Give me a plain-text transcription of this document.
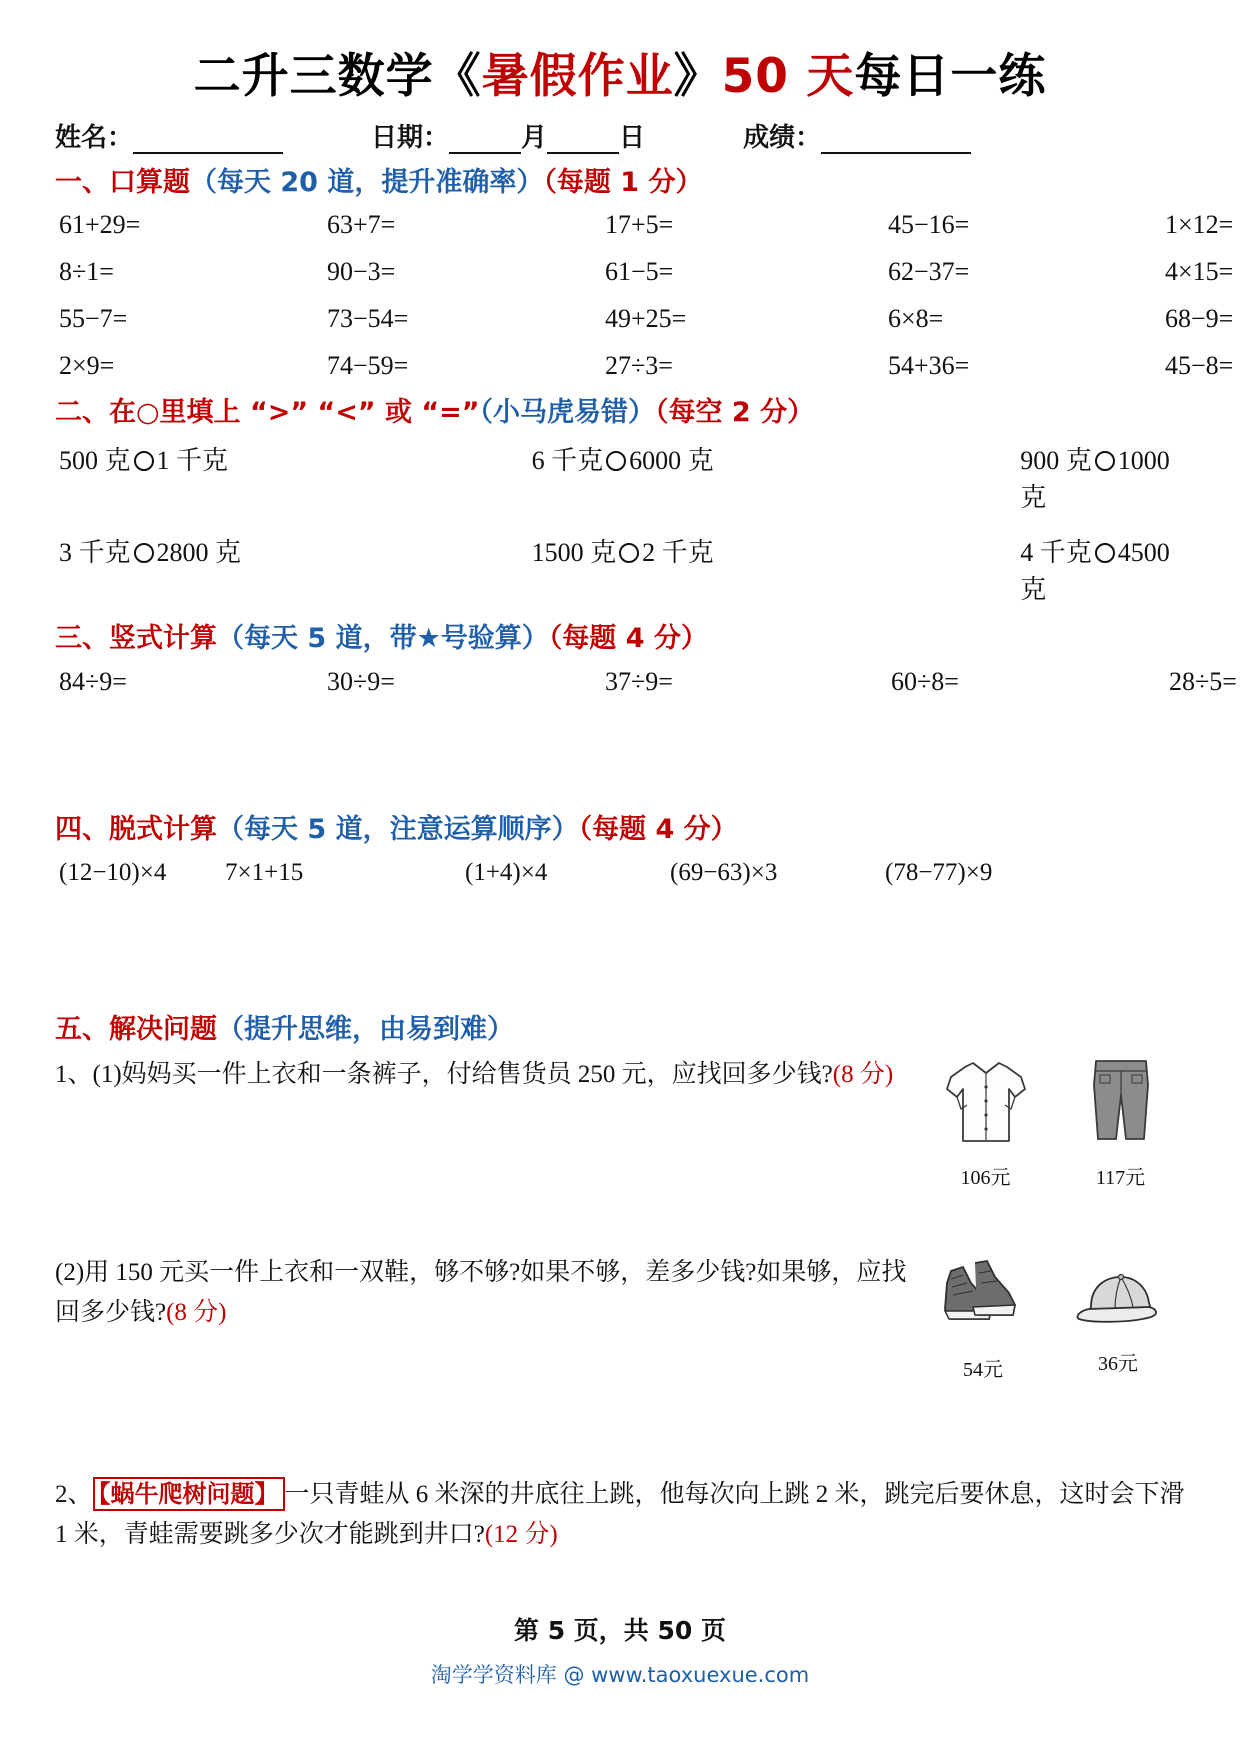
二升三数学《暑假作业》50 天每日一练
姓名：	日期：	月	日	成绩：
一、口算题（每天 20 道，提升准确率）（每题 1 分）
61+29=	63+7=	17+5=	45−16=	1×12=
8÷1=	90−3=	61−5=	62−37=	4×15=
55−7=	73−54=	49+25=	6×8=	68−9=
2×9=	74−59=	27÷3=	54+36=	45−8=
二、在○里填上 “>” “<” 或 “=”（小马虎易错）（每空 2 分）
500 克 1 千克	6 千克 6000 克	900 克 1000 克
3 千克 2800 克	1500 克 2 千克	4 千克 4500 克
三、竖式计算（每天 5 道，带★号验算）（每题 4 分）
84÷9=	30÷9=	37÷9=	60÷8=	28÷5=
四、脱式计算（每天 5 道，注意运算顺序）（每题 4 分）
(12−10)×4	7×1+15	(1+4)×4	(69−63)×3	(78−77)×9
五、解决问题（提升思维，由易到难）
1、(1)妈妈买一件上衣和一条裤子，付给售货员 250 元，应找回多少钱?(8 分)
106元	117元
(2)用 150 元买一件上衣和一双鞋，够不够?如果不够，差多少钱?如果够，应找回多少钱?(8 分)
54元	36元
2、 【蜗牛爬树问题】 一只青蛙从 6 米深的井底往上跳，他每次向上跳 2 米，跳完后要休息，这时会下滑 1 米，青蛙需要跳多少次才能跳到井口?(12 分)
第 5 页，共 50 页
淘学学资料库 @ www.taoxuexue.com
